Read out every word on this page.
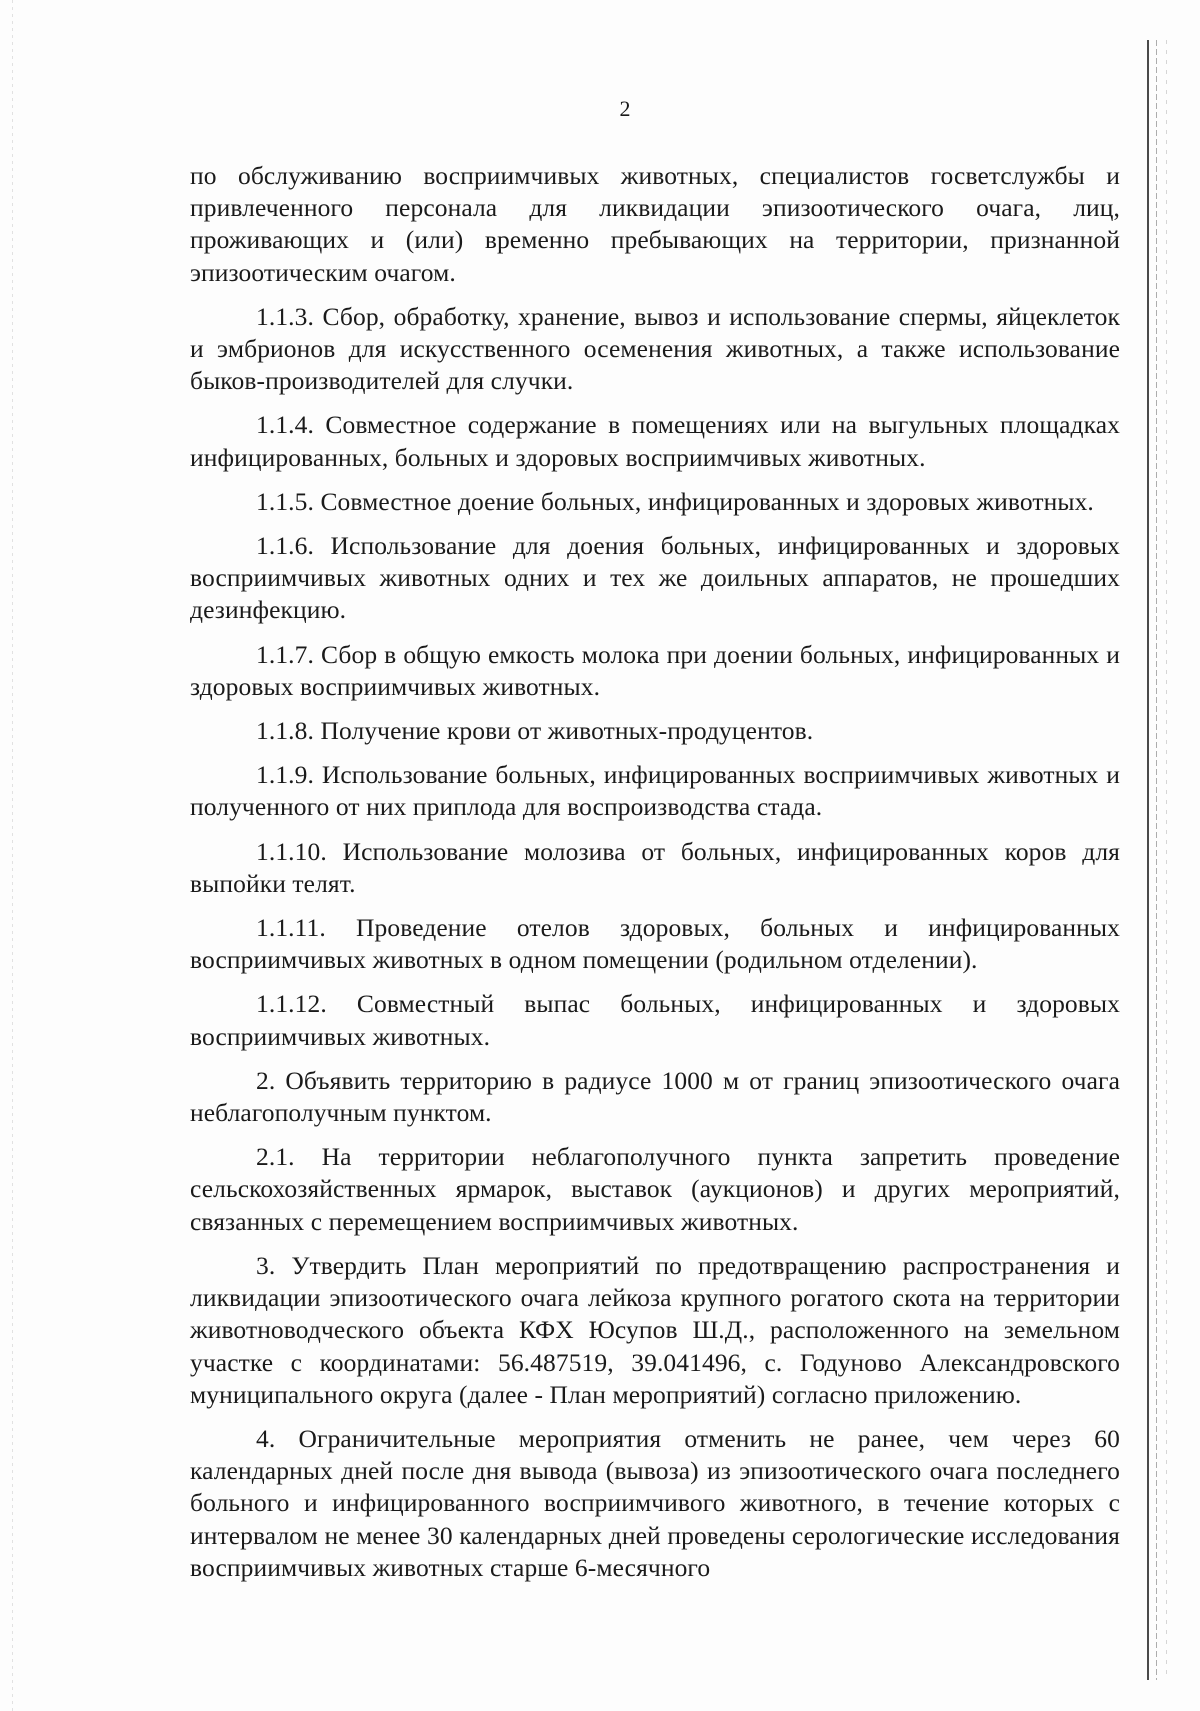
2

по обслуживанию восприимчивых животных, специалистов госветслужбы и привлеченного персонала для ликвидации эпизоотического очага, лиц, проживающих и (или) временно пребывающих на территории, признанной эпизоотическим очагом.

1.1.3. Сбор, обработку, хранение, вывоз и использование спермы, яйцеклеток и эмбрионов для искусственного осеменения животных, а также использование быков-производителей для случки.

1.1.4. Совместное содержание в помещениях или на выгульных площадках инфицированных, больных и здоровых восприимчивых животных.

1.1.5. Совместное доение больных, инфицированных и здоровых животных.

1.1.6. Использование для доения больных, инфицированных и здоровых восприимчивых животных одних и тех же доильных аппаратов, не прошедших дезинфекцию.

1.1.7. Сбор в общую емкость молока при доении больных, инфицированных и здоровых восприимчивых животных.

1.1.8. Получение крови от животных-продуцентов.

1.1.9. Использование больных, инфицированных восприимчивых животных и полученного от них приплода для воспроизводства стада.

1.1.10. Использование молозива от больных, инфицированных коров для выпойки телят.

1.1.11. Проведение отелов здоровых, больных и инфицированных восприимчивых животных в одном помещении (родильном отделении).

1.1.12. Совместный выпас больных, инфицированных и здоровых восприимчивых животных.

2. Объявить территорию в радиусе 1000 м от границ эпизоотического очага неблагополучным пунктом.

2.1. На территории неблагополучного пункта запретить проведение сельскохозяйственных ярмарок, выставок (аукционов) и других мероприятий, связанных с перемещением восприимчивых животных.

3. Утвердить План мероприятий по предотвращению распространения и ликвидации эпизоотического очага лейкоза крупного рогатого скота на территории животноводческого объекта КФХ Юсупов Ш.Д., расположенного на земельном участке с координатами: 56.487519, 39.041496, с. Годуново Александровского муниципального округа (далее - План мероприятий) согласно приложению.

4. Ограничительные мероприятия отменить не ранее, чем через 60 календарных дней после дня вывода (вывоза) из эпизоотического очага последнего больного и инфицированного восприимчивого животного, в течение которых с интервалом не менее 30 календарных дней проведены серологические исследования восприимчивых животных старше 6-месячного
